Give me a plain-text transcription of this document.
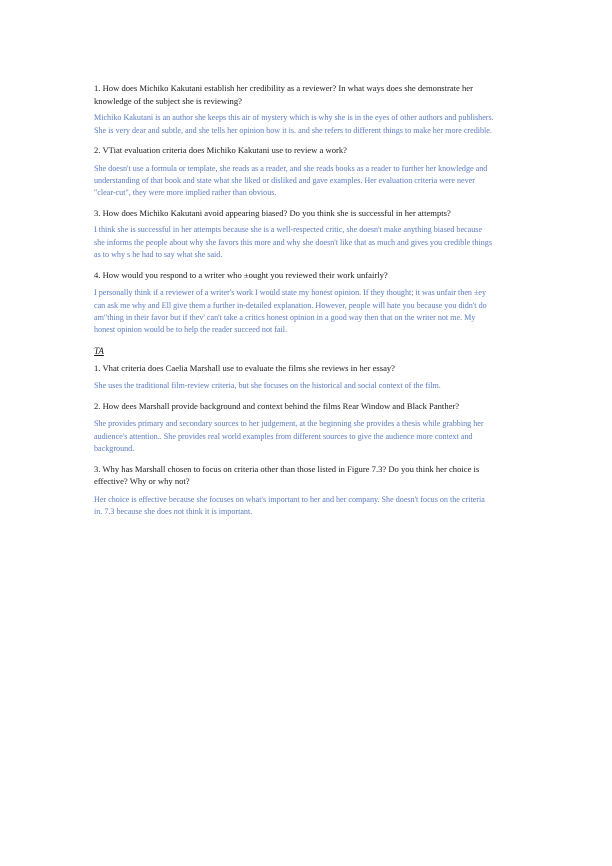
1. How does Michiko Kakutani establish her credibility as a reviewer? In what ways does she demonstrate her knowledge of the subject she is reviewing?

Michiko Kakutani is an author she keeps this air of mystery which is why she is in the eyes of other authors and publishers. She is very dear and subtle, and she tells her opinion how it is. and she refers to different things to make her more credible.

2. VTiat evaluation criteria does Michiko Kakutani use to review a work?

She doesn't use a formula or template, she reads as a reader, and she reads books as a reader to further her knowledge and understanding of that book and state what she liked or disliked and gave examples. Her evaluation criteria were never "clear-cut", they were more implied rather than obvious.

3. How does Michiko Kakutani avoid appearing biased? Do you think she is successful in her attempts?

I think she is successful in her attempts because she is a well-respected critic, she doesn't make anything biased because she informs the people about why she favors this more and why she doesn't like that as much and gives you credible things as to why s he had to say what she said.

4. How would you respond to a writer who ±ought you reviewed their work unfairly?

I personally think if a reviewer of a writer's work I would state my honest opinion. If they thought; it was unfair then ±ey can ask me why and Ell give them a further in-detailed explanation. However, people will hate you because you didn't do am"thing in their favor but if thev' can't take a critics honest opinion in a good way then that on the writer not me. My honest opinion would be to help the reader succeed not fail.

TA

1. Vhat criteria does Caelia Marshall use to evaluate the films she reviews in her essay?

She uses the traditional film-review criteria, but she focuses on the historical and social context of the film.

2. How dees Marshall provide background and context behind the films Rear Window and Black Panther?

She provides primary and secondary sources to her judgement, at the beginning she provides a thesis while grabbing her audience's attention.. She provides real world examples from different sources to give the audience more context and background.

3. Why has Marshall chosen to focus on criteria other than those listed in Figure 7.3? Do you think her choice is effective? Why or why not?

Her choice is effective because she focuses on what's important to her and her company. She doesn't focus on the criteria in. 7.3 because she does not think it is important.
